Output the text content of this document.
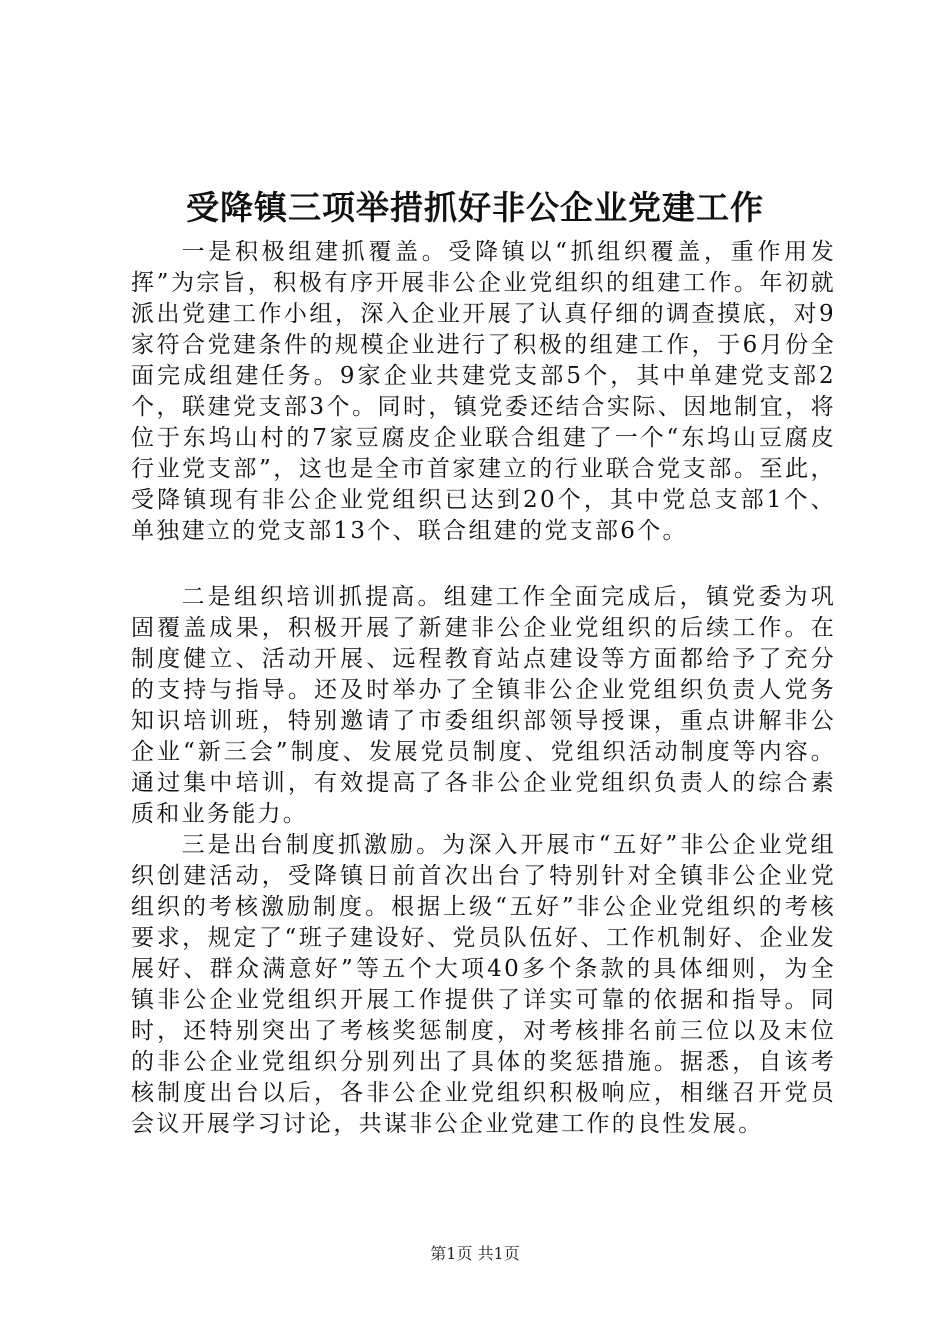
受降镇三项举措抓好非公企业党建工作

一是积极组建抓覆盖。受降镇以“抓组织覆盖，重作用发挥”为宗旨，积极有序开展非公企业党组织的组建工作。年初就派出党建工作小组，深入企业开展了认真仔细的调查摸底，对9家符合党建条件的规模企业进行了积极的组建工作，于6月份全面完成组建任务。9家企业共建党支部5个，其中单建党支部2个，联建党支部3个。同时，镇党委还结合实际、因地制宜，将位于东坞山村的7家豆腐皮企业联合组建了一个“东坞山豆腐皮行业党支部”，这也是全市首家建立的行业联合党支部。至此，受降镇现有非公企业党组织已达到20个，其中党总支部1个、单独建立的党支部13个、联合组建的党支部6个。

二是组织培训抓提高。组建工作全面完成后，镇党委为巩固覆盖成果，积极开展了新建非公企业党组织的后续工作。在制度健立、活动开展、远程教育站点建设等方面都给予了充分的支持与指导。还及时举办了全镇非公企业党组织负责人党务知识培训班，特别邀请了市委组织部领导授课，重点讲解非公企业“新三会”制度、发展党员制度、党组织活动制度等内容。通过集中培训，有效提高了各非公企业党组织负责人的综合素质和业务能力。

三是出台制度抓激励。为深入开展市“五好”非公企业党组织创建活动，受降镇日前首次出台了特别针对全镇非公企业党组织的考核激励制度。根据上级“五好”非公企业党组织的考核要求，规定了“班子建设好、党员队伍好、工作机制好、企业发展好、群众满意好”等五个大项40多个条款的具体细则，为全镇非公企业党组织开展工作提供了详实可靠的依据和指导。同时，还特别突出了考核奖惩制度，对考核排名前三位以及末位的非公企业党组织分别列出了具体的奖惩措施。据悉，自该考核制度出台以后，各非公企业党组织积极响应，相继召开党员会议开展学习讨论，共谋非公企业党建工作的良性发展。

第1页 共1页
